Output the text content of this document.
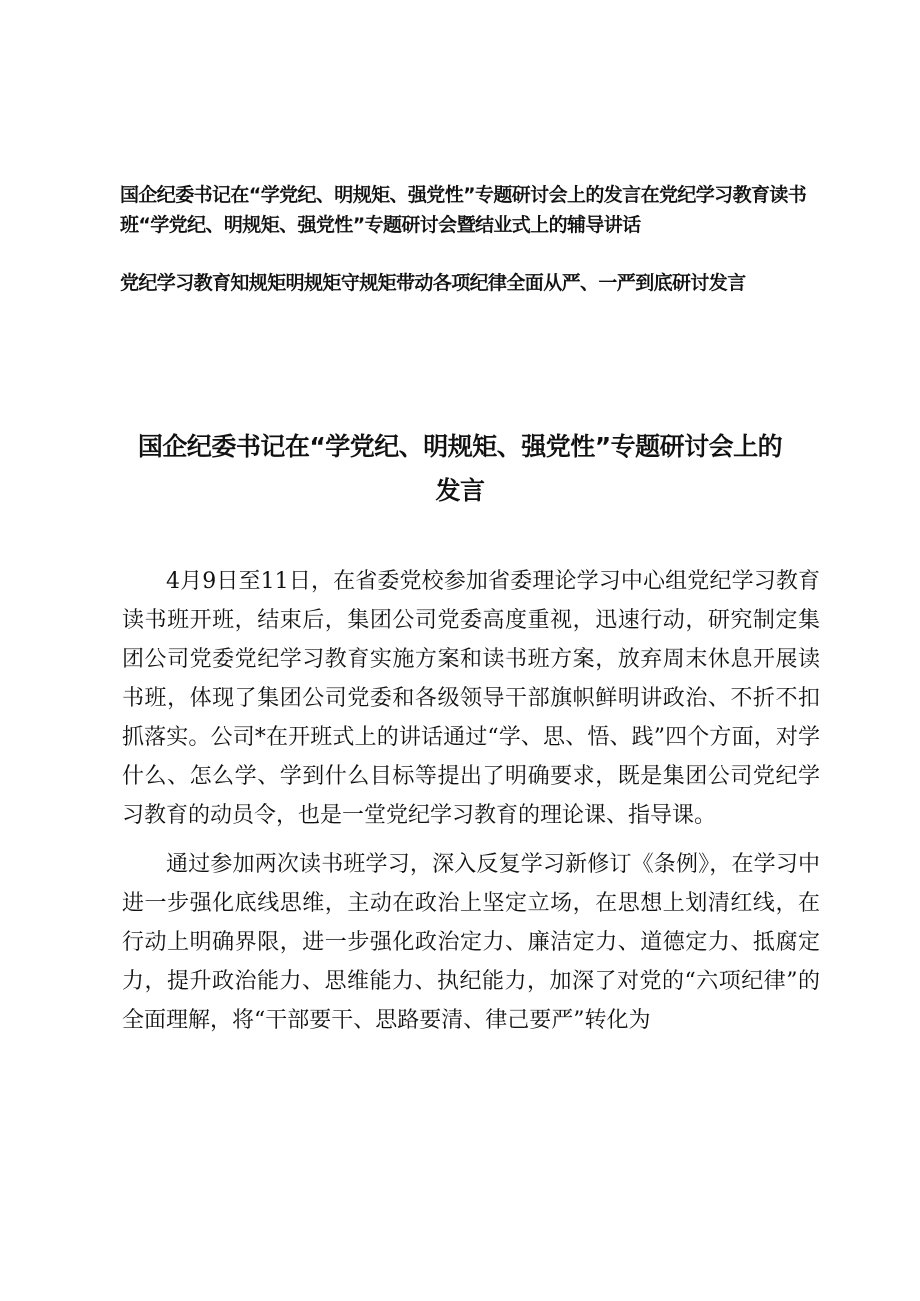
国企纪委书记在“学党纪、明规矩、强党性”专题研讨会上的发言在党纪学习教育读书班“学党纪、明规矩、强党性”专题研讨会暨结业式上的辅导讲话
党纪学习教育知规矩明规矩守规矩带动各项纪律全面从严、一严到底研讨发言
国企纪委书记在“学党纪、明规矩、强党性”专题研讨会上的发言

4月9日至11日，在省委党校参加省委理论学习中心组党纪学习教育读书班开班，结束后，集团公司党委高度重视，迅速行动，研究制定集团公司党委党纪学习教育实施方案和读书班方案，放弃周末休息开展读书班，体现了集团公司党委和各级领导干部旗帜鲜明讲政治、不折不扣抓落实。公司*在开班式上的讲话通过“学、思、悟、践”四个方面，对学什么、怎么学、学到什么目标等提出了明确要求，既是集团公司党纪学习教育的动员令，也是一堂党纪学习教育的理论课、指导课。

通过参加两次读书班学习，深入反复学习新修订《条例》，在学习中进一步强化底线思维，主动在政治上坚定立场，在思想上划清红线，在行动上明确界限，进一步强化政治定力、廉洁定力、道德定力、抵腐定力，提升政治能力、思维能力、执纪能力，加深了对党的“六项纪律”的全面理解，将“干部要干、思路要清、律己要严”转化为
